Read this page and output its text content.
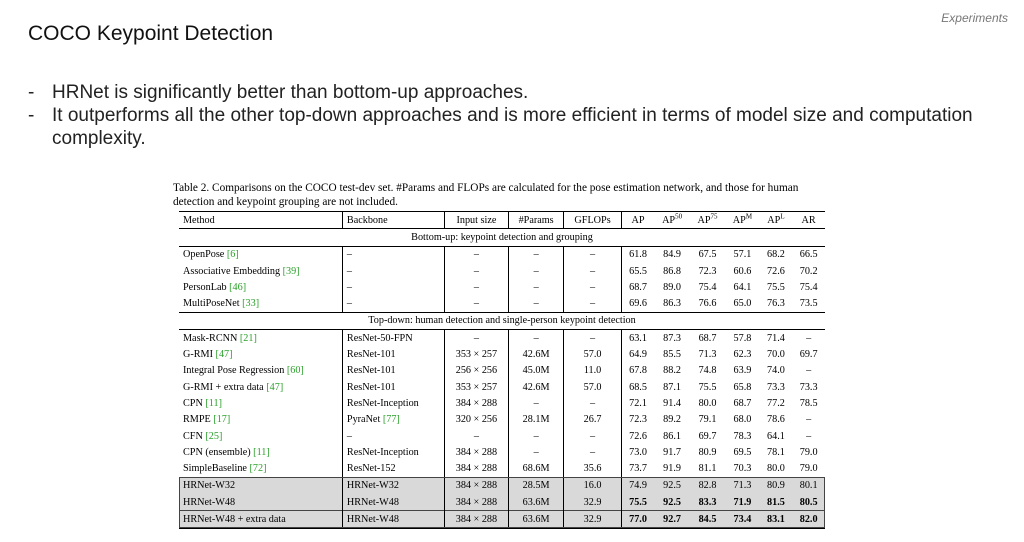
Experiments
COCO Keypoint Detection
- HRNet is significantly better than bottom-up approaches.
- It outperforms all the other top-down approaches and is more efficient in terms of model size and computation complexity.

Table 2. Comparisons on the COCO test-dev set. #Params and FLOPs are calculated for the pose estimation network, and those for human detection and keypoint grouping are not included.

Method	Backbone	Input size	#Params	GFLOPs	AP	AP$^{50}$	AP$^{75}$	$AP^M$	$AP^L$	AR
Bottom-up: keypoint detection and grouping										
OpenPose [6]	–	–	–	–	61.8	84.9	67.5	57.1	68.2	66.5
Associative Embedding [39]	–	–	–	–	65.5	86.8	72.3	60.6	72.6	70.2
PersonLab [46]	–	–	–	–	68.7	89.0	75.4	64.1	75.5	75.4
MultiPoseNet [33]	–	–	–	–	69.6	86.3	76.6	65.0	76.3	73.5
Top-down: human detection and single-person keypoint detection										
Mask-RCNN [21]	ResNet-50-FPN	–	–	–	63.1	87.3	68.7	57.8	71.4	–
G-RMI [47]	ResNet-101	353 × 257	42.6M	57.0	64.9	85.5	71.3	62.3	70.0	69.7
Integral Pose Regression [60]	ResNet-101	256 × 256	45.0M	11.0	67.8	88.2	74.8	63.9	74.0	–
G-RMI + extra data [47]	ResNet-101	353 × 257	42.6M	57.0	68.5	87.1	75.5	65.8	73.3	73.3
CPN [11]	ResNet-Inception	384 × 288	–	–	72.1	91.4	80.0	68.7	77.2	78.5
RMPE [17]	PyraNet [77]	320 × 256	28.1M	26.7	72.3	89.2	79.1	68.0	78.6	–
CFN [25]	–	–	–	–	72.6	86.1	69.7	78.3	64.1	–
CPN (ensemble) [11]	ResNet-Inception	384 × 288	–	–	73.0	91.7	80.9	69.5	78.1	79.0
SimpleBaseline [72]	ResNet-152	384 × 288	68.6M	35.6	73.7	91.9	81.1	70.3	80.0	79.0
HRNet-W32	HRNet-W32	384 × 288	28.5M	16.0	74.9	92.5	82.8	71.3	80.9	80.1
HRNet-W48	HRNet-W48	384 × 288	63.6M	32.9	75.5	92.5	83.3	71.9	81.5	80.5
HRNet-W48 + extra data	HRNet-W48	384 × 288	63.6M	32.9	77.0	92.7	84.5	73.4	83.1	82.0
